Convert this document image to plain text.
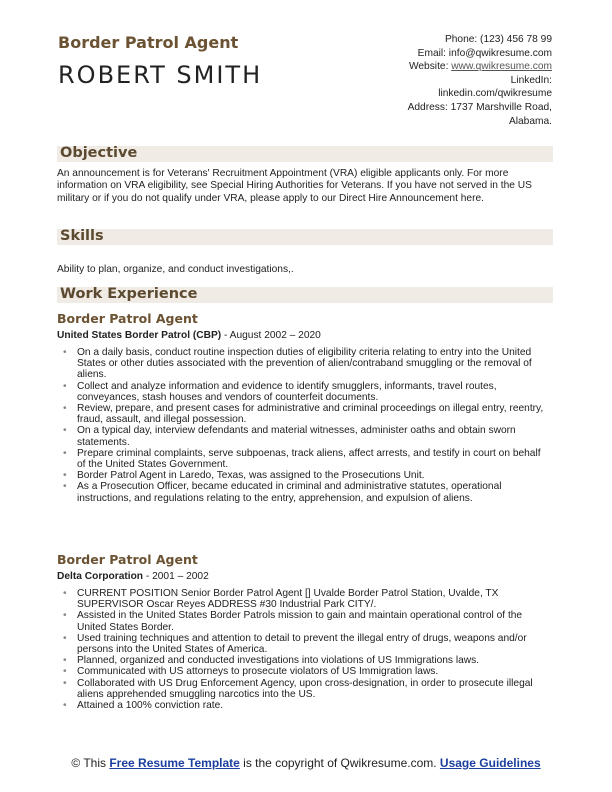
Border Patrol Agent
ROBERT SMITH
Phone: (123) 456 78 99
Email: info@qwikresume.com
Website: www.qwikresume.com
LinkedIn:
linkedin.com/qwikresume
Address: 1737 Marshville Road,
Alabama.
Objective
An announcement is for Veterans' Recruitment Appointment (VRA) eligible applicants only. For more information on VRA eligibility, see Special Hiring Authorities for Veterans. If you have not served in the US military or if you do not qualify under VRA, please apply to our Direct Hire Announcement here.
Skills
Ability to plan, organize, and conduct investigations,.
Work Experience
Border Patrol Agent
United States Border Patrol (CBP) - August 2002 – 2020
• On a daily basis, conduct routine inspection duties of eligibility criteria relating to entry into the United States or other duties associated with the prevention of alien/contraband smuggling or the removal of aliens.
• Collect and analyze information and evidence to identify smugglers, informants, travel routes, conveyances, stash houses and vendors of counterfeit documents.
• Review, prepare, and present cases for administrative and criminal proceedings on illegal entry, reentry, fraud, assault, and illegal possession.
• On a typical day, interview defendants and material witnesses, administer oaths and obtain sworn statements.
• Prepare criminal complaints, serve subpoenas, track aliens, affect arrests, and testify in court on behalf of the United States Government.
• Border Patrol Agent in Laredo, Texas, was assigned to the Prosecutions Unit.
• As a Prosecution Officer, became educated in criminal and administrative statutes, operational instructions, and regulations relating to the entry, apprehension, and expulsion of aliens.
Border Patrol Agent
Delta Corporation - 2001 – 2002
• CURRENT POSITION Senior Border Patrol Agent [] Uvalde Border Patrol Station, Uvalde, TX SUPERVISOR Oscar Reyes ADDRESS #30 Industrial Park CITY/.
• Assisted in the United States Border Patrols mission to gain and maintain operational control of the United States Border.
• Used training techniques and attention to detail to prevent the illegal entry of drugs, weapons and/or persons into the United States of America.
• Planned, organized and conducted investigations into violations of US Immigrations laws.
• Communicated with US attorneys to prosecute violators of US Immigration laws.
• Collaborated with US Drug Enforcement Agency, upon cross-designation, in order to prosecute illegal aliens apprehended smuggling narcotics into the US.
• Attained a 100% conviction rate.
© This Free Resume Template is the copyright of Qwikresume.com. Usage Guidelines
